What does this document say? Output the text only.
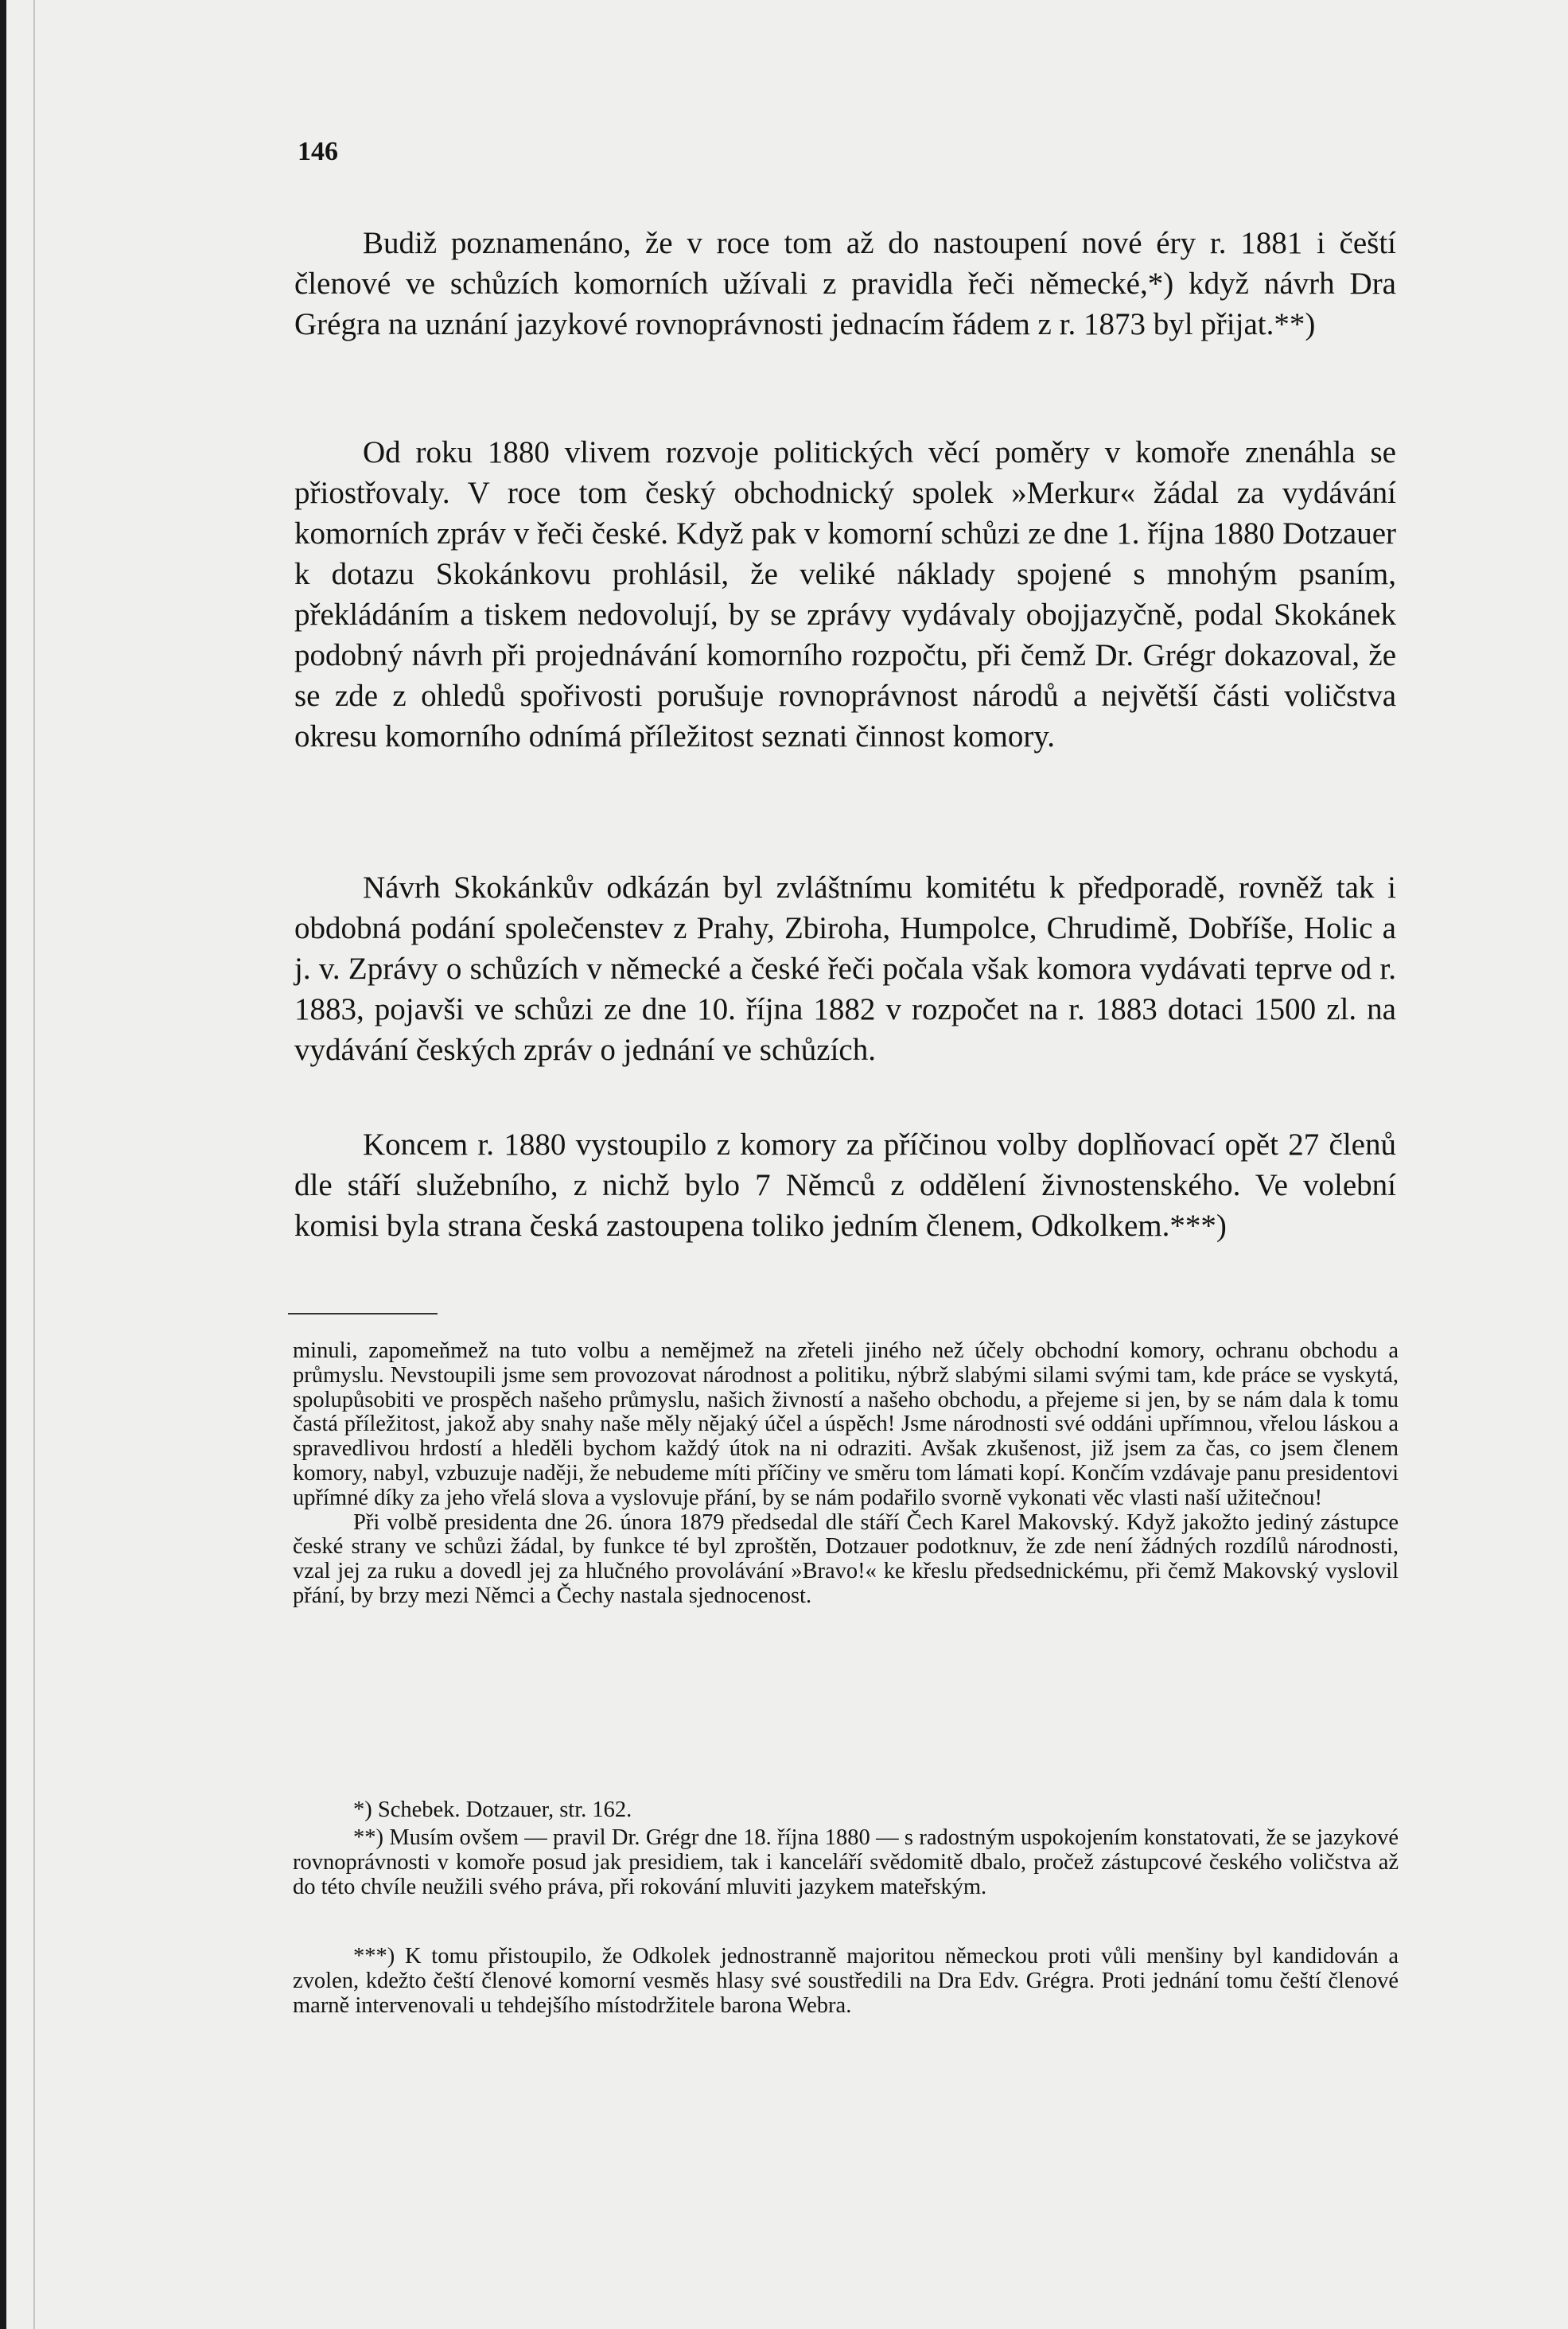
146

Budiž poznamenáno, že v roce tom až do nastoupení nové éry r. 1881 i čeští členové ve schůzích komorních užívali z pravidla řeči německé,*) když návrh Dra Grégra na uznání jazykové rovnoprávnosti jednacím řádem z r. 1873 byl přijat.**)

Od roku 1880 vlivem rozvoje politických věcí poměry v komoře znenáhla se přiostřovaly. V roce tom český obchodnický spolek »Merkur« žádal za vydávání komorních zpráv v řeči české. Když pak v komorní schůzi ze dne 1. října 1880 Dotzauer k dotazu Skokánkovu prohlásil, že veliké náklady spojené s mnohým psaním, překládáním a tiskem nedovolují, by se zprávy vydávaly obojjazyčně, podal Skokánek podobný návrh při projednávání komorního rozpočtu, při čemž Dr. Grégr dokazoval, že se zde z ohledů spořivosti porušuje rovnoprávnost národů a největší části voličstva okresu komorního odnímá příležitost seznati činnost komory.

Návrh Skokánkův odkázán byl zvláštnímu komitétu k předporadě, rovněž tak i obdobná podání společenstev z Prahy, Zbiroha, Humpolce, Chrudimě, Dobříše, Holic a j. v. Zprávy o schůzích v německé a české řeči počala však komora vydávati teprve od r. 1883, pojavši ve schůzi ze dne 10. října 1882 v rozpočet na r. 1883 dotaci 1500 zl. na vydávání českých zpráv o jednání ve schůzích.

Koncem r. 1880 vystoupilo z komory za příčinou volby doplňovací opět 27 členů dle stáří služebního, z nichž bylo 7 Němců z oddělení živnostenského. Ve volební komisi byla strana česká zastoupena toliko jedním členem, Odkolkem.***)

minuli, zapomeňmež na tuto volbu a nemějmež na zřeteli jiného než účely obchodní komory, ochranu obchodu a průmyslu. Nevstoupili jsme sem provozovat národnost a politiku, nýbrž slabými silami svými tam, kde práce se vyskytá, spolupůsobiti ve prospěch našeho průmyslu, našich živností a našeho obchodu, a přejeme si jen, by se nám dala k tomu častá příležitost, jakož aby snahy naše měly nějaký účel a úspěch! Jsme národnosti své oddáni upřímnou, vřelou láskou a spravedlivou hrdostí a hleděli bychom každý útok na ni odraziti. Avšak zkušenost, již jsem za čas, co jsem členem komory, nabyl, vzbuzuje naději, že nebudeme míti příčiny ve směru tom lámati kopí. Končím vzdávaje panu presidentovi upřímné díky za jeho vřelá slova a vyslovuje přání, by se nám podařilo svorně vykonati věc vlasti naší užitečnou!

Při volbě presidenta dne 26. února 1879 předsedal dle stáří Čech Karel Makovský. Když jakožto jediný zástupce české strany ve schůzi žádal, by funkce té byl zproštěn, Dotzauer podotknuv, že zde není žádných rozdílů národnosti, vzal jej za ruku a dovedl jej za hlučného provolávání »Bravo!« ke křeslu předsednickému, při čemž Makovský vyslovil přání, by brzy mezi Němci a Čechy nastala sjednocenost.

*) Schebek. Dotzauer, str. 162.

**) Musím ovšem — pravil Dr. Grégr dne 18. října 1880 — s radostným uspokojením konstatovati, že se jazykové rovnoprávnosti v komoře posud jak presidiem, tak i kanceláří svědomitě dbalo, pročež zástupcové českého voličstva až do této chvíle neužili svého práva, při rokování mluviti jazykem mateřským.

***) K tomu přistoupilo, že Odkolek jednostranně majoritou německou proti vůli menšiny byl kandidován a zvolen, kdežto čeští členové komorní vesměs hlasy své soustředili na Dra Edv. Grégra. Proti jednání tomu čeští členové marně intervenovali u tehdejšího místodržitele barona Webra.
